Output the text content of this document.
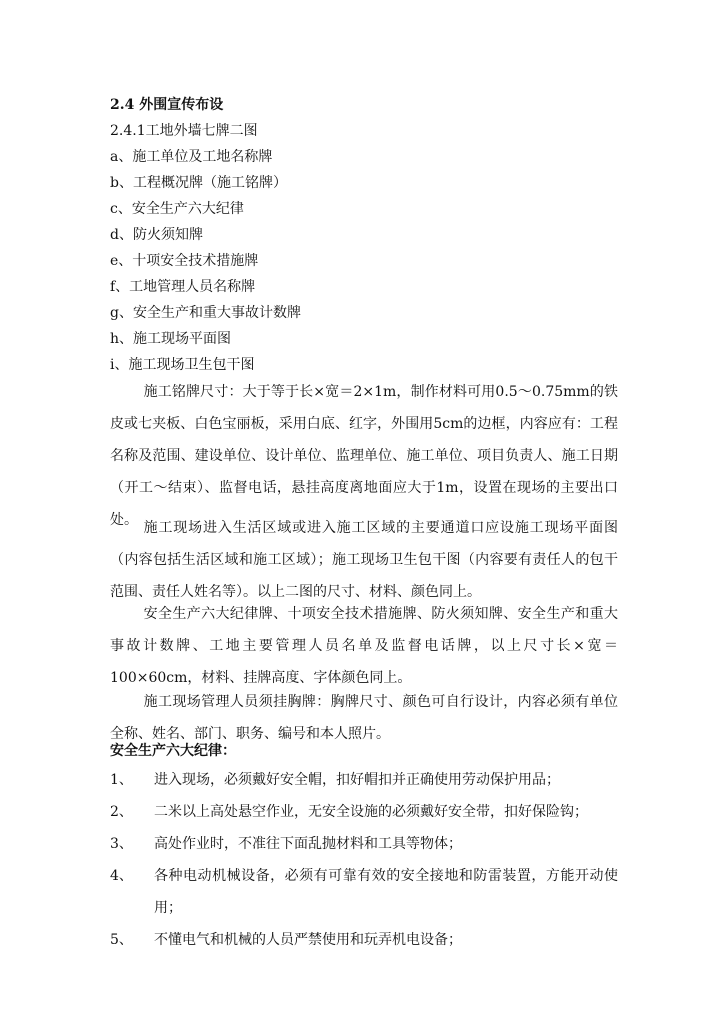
2.4 外围宣传布设
2.4.1工地外墙七牌二图
a、施工单位及工地名称牌
b、工程概况牌（施工铭牌）
c、安全生产六大纪律
d、防火须知牌
e、十项安全技术措施牌
f、工地管理人员名称牌
g、安全生产和重大事故计数牌
h、施工现场平面图
i、施工现场卫生包干图
施工铭牌尺寸：大于等于长×宽＝2×1m，制作材料可用0.5～0.75mm的铁皮或七夹板、白色宝丽板，采用白底、红字，外围用5cm的边框，内容应有：工程名称及范围、建设单位、设计单位、监理单位、施工单位、项目负责人、施工日期（开工～结束）、监督电话，悬挂高度离地面应大于1m，设置在现场的主要出口处。 施工现场进入生活区域或进入施工区域的主要通道口应设施工现场平面图（内容包括生活区域和施工区域）；施工现场卫生包干图（内容要有责任人的包干范围、责任人姓名等）。以上二图的尺寸、材料、颜色同上。
安全生产六大纪律牌、十项安全技术措施牌、防火须知牌、安全生产和重大事故计数牌、工地主要管理人员名单及监督电话牌，以上尺寸长×宽＝100×60cm，材料、挂牌高度、字体颜色同上。
施工现场管理人员须挂胸牌：胸牌尺寸、颜色可自行设计，内容必须有单位全称、姓名、部门、职务、编号和本人照片。
安全生产六大纪律：
1、	进入现场，必须戴好安全帽，扣好帽扣并正确使用劳动保护用品；
2、	二米以上高处悬空作业，无安全设施的必须戴好安全带，扣好保险钩；
3、	高处作业时，不准往下面乱抛材料和工具等物体；
4、	各种电动机械设备，必须有可靠有效的安全接地和防雷装置，方能开动使用；
5、	不懂电气和机械的人员严禁使用和玩弄机电设备；
